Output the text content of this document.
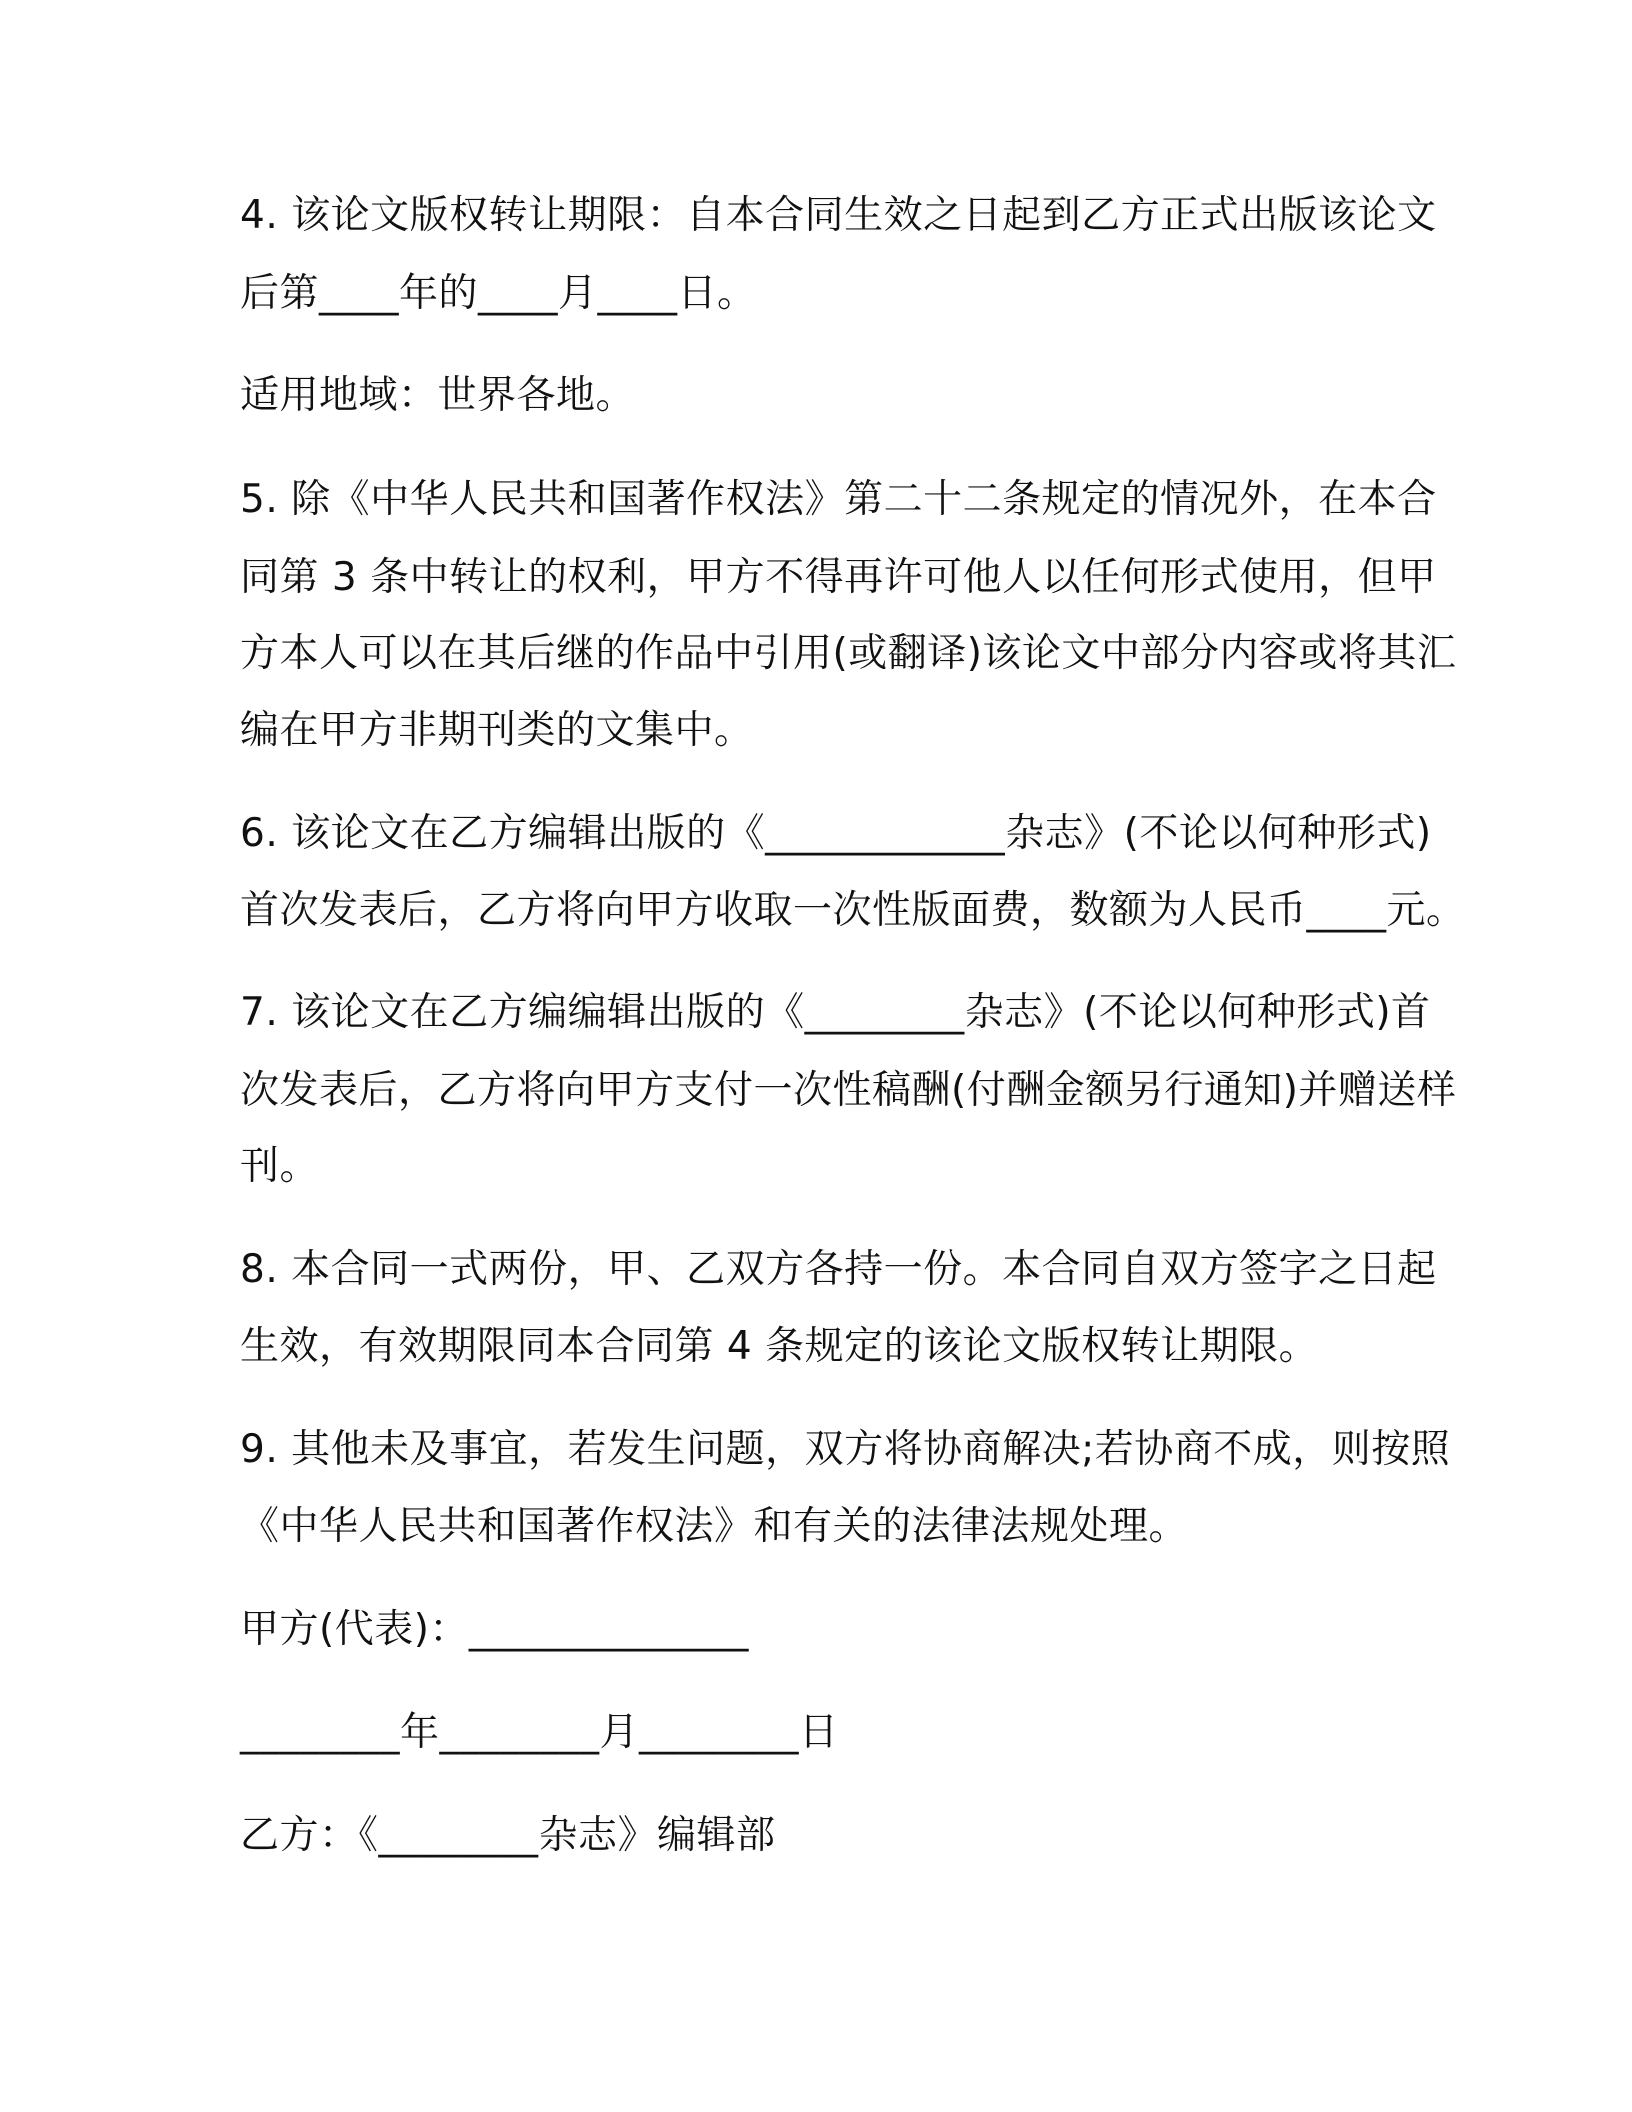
4. 该论文版权转让期限：自本合同生效之日起到乙方正式出版该论文
后第____年的____月____日。
适用地域：世界各地。
5. 除《中华人民共和国著作权法》第二十二条规定的情况外，在本合
同第 3 条中转让的权利，甲方不得再许可他人以任何形式使用，但甲
方本人可以在其后继的作品中引用(或翻译)该论文中部分内容或将其汇
编在甲方非期刊类的文集中。
6. 该论文在乙方编辑出版的《____________杂志》(不论以何种形式)
首次发表后，乙方将向甲方收取一次性版面费，数额为人民币____元。
7. 该论文在乙方编编辑出版的《________杂志》(不论以何种形式)首
次发表后，乙方将向甲方支付一次性稿酬(付酬金额另行通知)并赠送样
刊。
8. 本合同一式两份，甲、乙双方各持一份。本合同自双方签字之日起
生效，有效期限同本合同第 4 条规定的该论文版权转让期限。
9. 其他未及事宜，若发生问题，双方将协商解决;若协商不成，则按照
《中华人民共和国著作权法》和有关的法律法规处理。
甲方(代表)：______________
________年________月________日
乙方：《________杂志》编辑部
